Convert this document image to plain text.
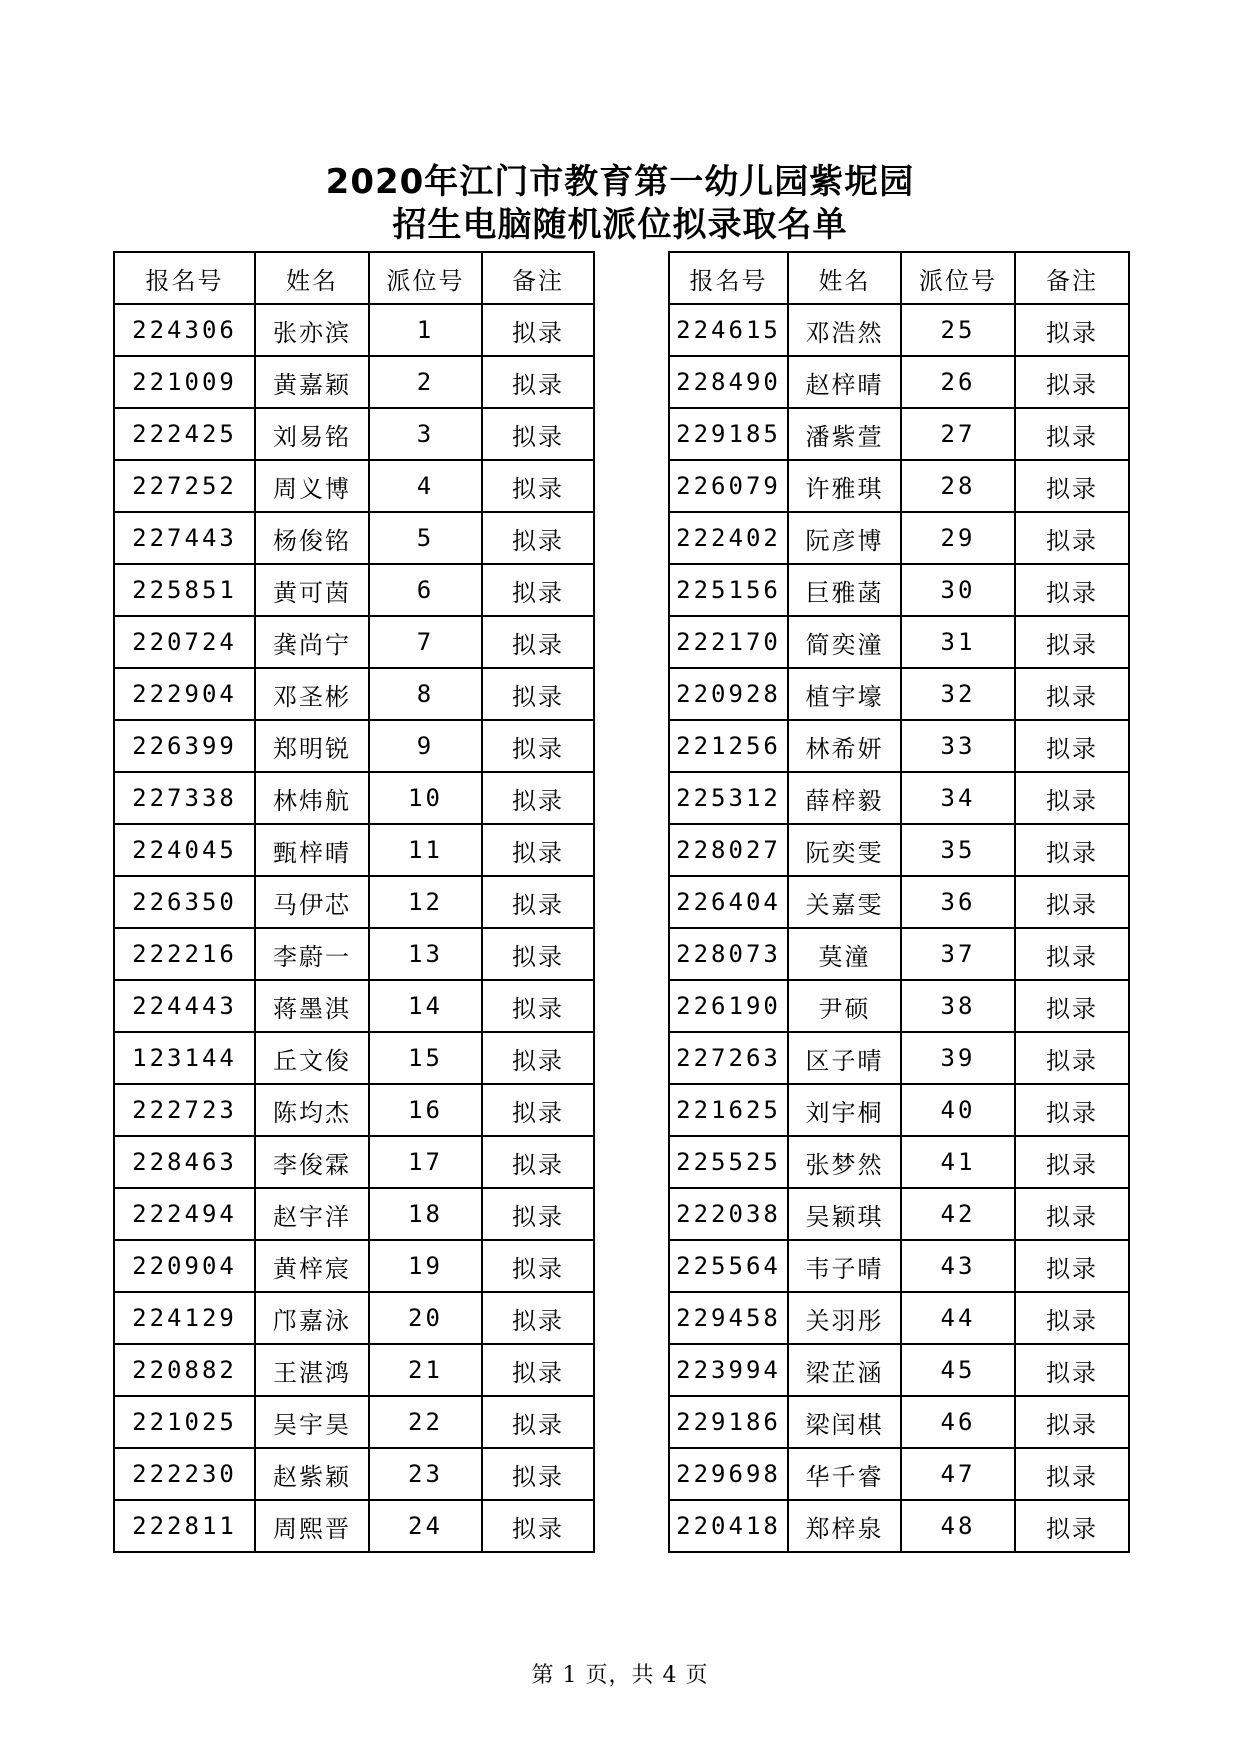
2020年江门市教育第一幼儿园紫坭园
招生电脑随机派位拟录取名单
报名号	姓名	派位号	备注
224306	张亦滨	1	拟录
221009	黄嘉颖	2	拟录
222425	刘易铭	3	拟录
227252	周义博	4	拟录
227443	杨俊铭	5	拟录
225851	黄可茵	6	拟录
220724	龚尚宁	7	拟录
222904	邓圣彬	8	拟录
226399	郑明锐	9	拟录
227338	林炜航	10	拟录
224045	甄梓晴	11	拟录
226350	马伊芯	12	拟录
222216	李蔚一	13	拟录
224443	蒋墨淇	14	拟录
123144	丘文俊	15	拟录
222723	陈均杰	16	拟录
228463	李俊霖	17	拟录
222494	赵宇洋	18	拟录
220904	黄梓宸	19	拟录
224129	邝嘉泳	20	拟录
220882	王湛鸿	21	拟录
221025	吴宇昊	22	拟录
222230	赵紫颖	23	拟录
222811	周熙晋	24	拟录
报名号	姓名	派位号	备注
224615	邓浩然	25	拟录
228490	赵梓晴	26	拟录
229185	潘紫萱	27	拟录
226079	许雅琪	28	拟录
222402	阮彦博	29	拟录
225156	巨雅菡	30	拟录
222170	简奕潼	31	拟录
220928	植宇壕	32	拟录
221256	林希妍	33	拟录
225312	薛梓毅	34	拟录
228027	阮奕雯	35	拟录
226404	关嘉雯	36	拟录
228073	莫潼	37	拟录
226190	尹硕	38	拟录
227263	区子晴	39	拟录
221625	刘宇桐	40	拟录
225525	张梦然	41	拟录
222038	吴颖琪	42	拟录
225564	韦子晴	43	拟录
229458	关羽彤	44	拟录
223994	梁芷涵	45	拟录
229186	梁闰棋	46	拟录
229698	华千睿	47	拟录
220418	郑梓泉	48	拟录
第 1 页，共 4 页
